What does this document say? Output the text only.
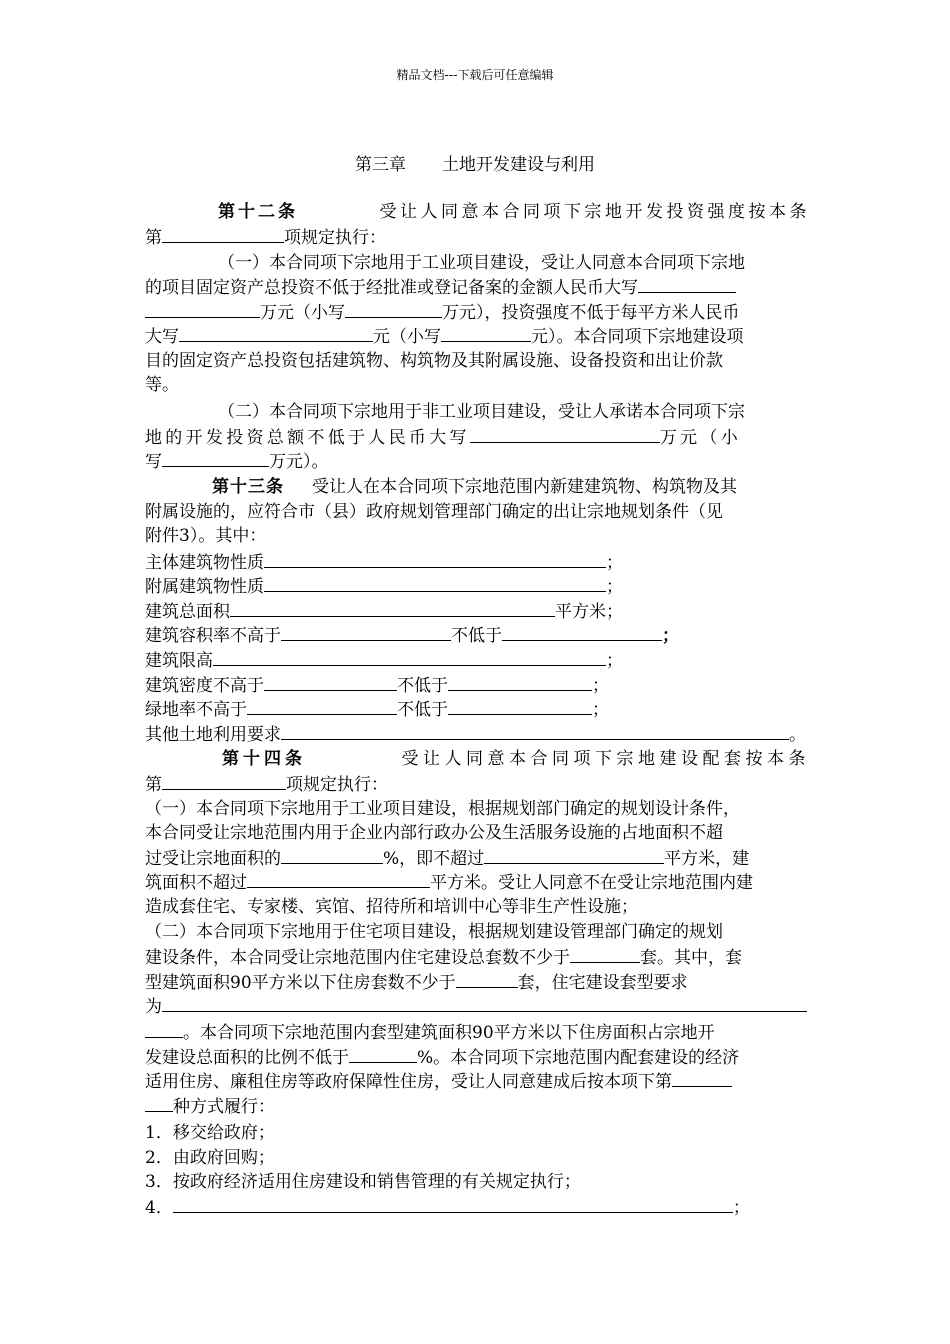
精品文档---下载后可任意编辑
第三章 土地开发建设与利用
第十二条	受让人同意本合同项下宗地开发投资强度按本条
第	项规定执行：
（一）本合同项下宗地用于工业项目建设，受让人同意本合同项下宗地
的项目固定资产总投资不低于经批准或登记备案的金额人民币大写
万元（小写	万元），投资强度不低于每平方米人民币
大写	元（小写	元）。本合同项下宗地建设项
目的固定资产总投资包括建筑物、构筑物及其附属设施、设备投资和出让价款
等。
（二）本合同项下宗地用于非工业项目建设，受让人承诺本合同项下宗
地的开发投资总额不低于人民币大写	万元（小
写	万元）。
第十三条 受让人在本合同项下宗地范围内新建建筑物、构筑物及其
附属设施的，应符合市（县）政府规划管理部门确定的出让宗地规划条件（见
附件3）。其中：
主体建筑物性质	；
附属建筑物性质	；
建筑总面积	平方米；
建筑容积率不高于	不低于	；
建筑限高	；
建筑密度不高于	不低于	；
绿地率不高于	不低于	；
其他土地利用要求	。
第十四条	受让人同意本合同项下宗地建设配套按本条
第	项规定执行：
（一）本合同项下宗地用于工业项目建设，根据规划部门确定的规划设计条件，
本合同受让宗地范围内用于企业内部行政办公及生活服务设施的占地面积不超
过受让宗地面积的	%，即不超过	平方米，建
筑面积不超过	平方米。受让人同意不在受让宗地范围内建
造成套住宅、专家楼、宾馆、招待所和培训中心等非生产性设施；
（二）本合同项下宗地用于住宅项目建设，根据规划建设管理部门确定的规划
建设条件，本合同受让宗地范围内住宅建设总套数不少于	套。其中，套
型建筑面积90平方米以下住房套数不少于	套，住宅建设套型要求
为
。本合同项下宗地范围内套型建筑面积90平方米以下住房面积占宗地开
发建设总面积的比例不低于	%。本合同项下宗地范围内配套建设的经济
适用住房、廉租住房等政府保障性住房，受让人同意建成后按本项下第
种方式履行：
1．移交给政府；
2．由政府回购；
3．按政府经济适用住房建设和销售管理的有关规定执行；
4．	；
